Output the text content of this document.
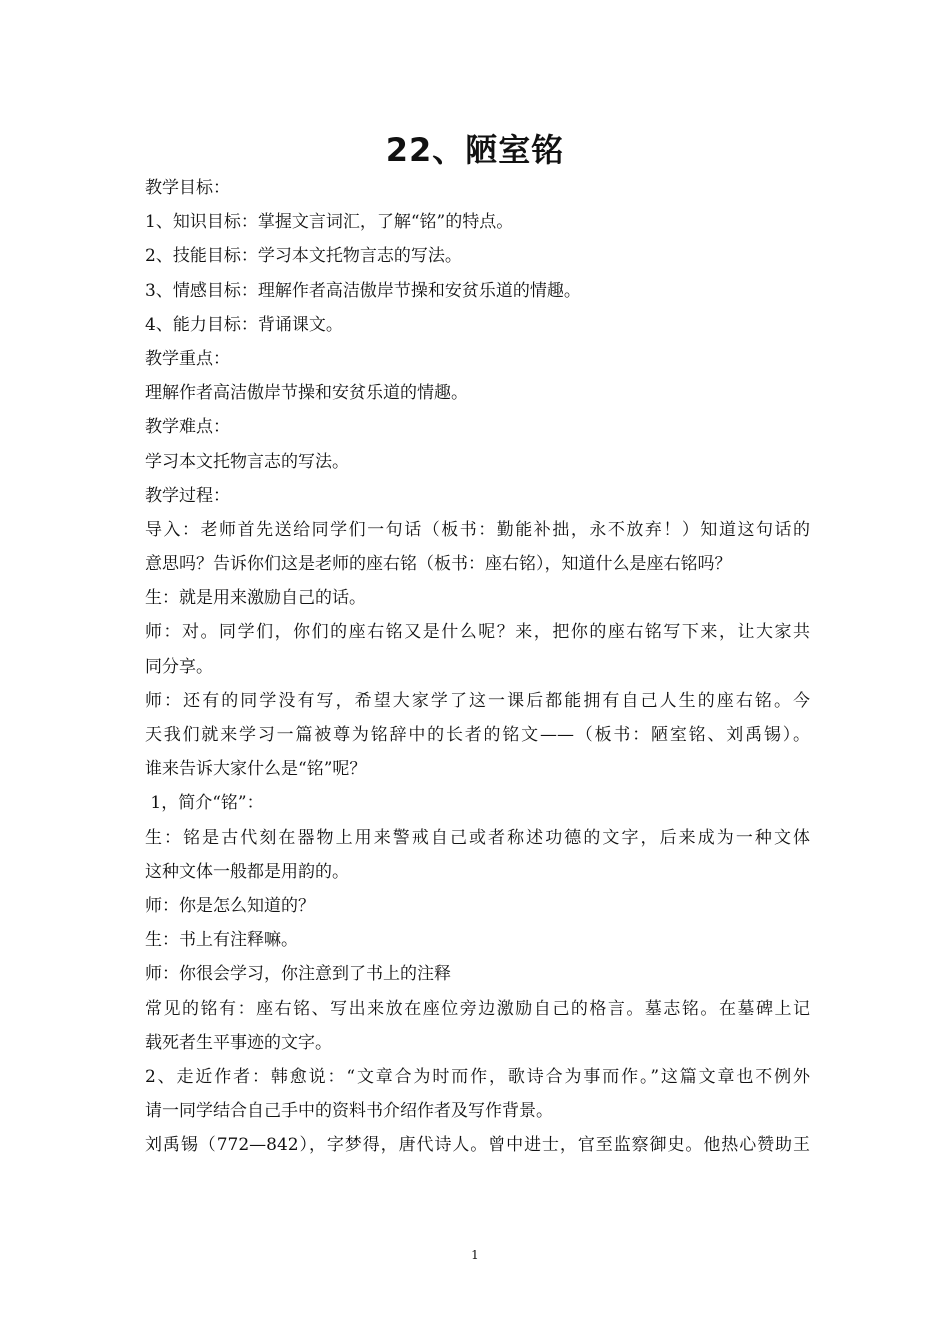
22、陋室铭
教学目标：
1、知识目标：掌握文言词汇，了解“铭”的特点。
2、技能目标：学习本文托物言志的写法。
3、情感目标：理解作者高洁傲岸节操和安贫乐道的情趣。
4、能力目标：背诵课文。
教学重点：
理解作者高洁傲岸节操和安贫乐道的情趣。
教学难点：
学习本文托物言志的写法。
教学过程：
导入：老师首先送给同学们一句话（板书：勤能补拙，永不放弃！）知道这句话的
意思吗？告诉你们这是老师的座右铭（板书：座右铭），知道什么是座右铭吗？
生：就是用来激励自己的话。
师：对。同学们，你们的座右铭又是什么呢？来，把你的座右铭写下来，让大家共
同分享。
师：还有的同学没有写，希望大家学了这一课后都能拥有自己人生的座右铭。今
天我们就来学习一篇被尊为铭辞中的长者的铭文——（板书：陋室铭、刘禹锡）。
谁来告诉大家什么是“铭”呢？
1，简介“铭”：
生：铭是古代刻在器物上用来警戒自己或者称述功德的文字，后来成为一种文体
这种文体一般都是用韵的。
师：你是怎么知道的？
生：书上有注释嘛。
师：你很会学习，你注意到了书上的注释
常见的铭有：座右铭、写出来放在座位旁边激励自己的格言。墓志铭。在墓碑上记
载死者生平事迹的文字。
2、走近作者：韩愈说：“文章合为时而作，歌诗合为事而作。”这篇文章也不例外
请一同学结合自己手中的资料书介绍作者及写作背景。
刘禹锡（772—842），字梦得，唐代诗人。曾中进士，官至监察御史。他热心赞助王
1
